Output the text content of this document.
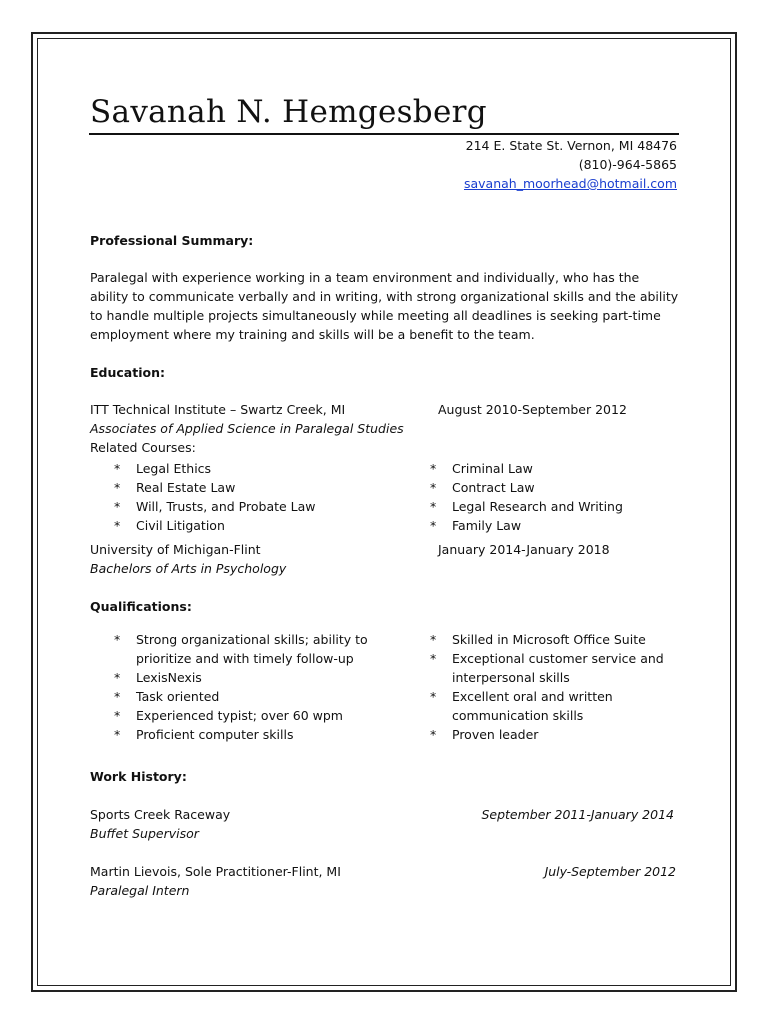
Savanah N. Hemgesberg
214 E. State St. Vernon, MI 48476
(810)-964-5865
savanah_moorhead@hotmail.com
Professional Summary:
Paralegal with experience working in a team environment and individually, who has the ability to communicate verbally and in writing, with strong organizational skills and the ability to handle multiple projects simultaneously while meeting all deadlines is seeking part-time employment where my training and skills will be a benefit to the team.
Education:
ITT Technical Institute – Swartz Creek, MI	August 2010-September 2012
Associates of Applied Science in Paralegal Studies
Related Courses:
* Legal Ethics
* Real Estate Law
* Will, Trusts, and Probate Law
* Civil Litigation
* Criminal Law
* Contract Law
* Legal Research and Writing
* Family Law
University of Michigan-Flint	January 2014-January 2018
Bachelors of Arts in Psychology
Qualifications:
* Strong organizational skills; ability to prioritize and with timely follow-up
* LexisNexis
* Task oriented
* Experienced typist; over 60 wpm
* Proficient computer skills
* Skilled in Microsoft Office Suite
* Exceptional customer service and interpersonal skills
* Excellent oral and written communication skills
* Proven leader
Work History:
Sports Creek Raceway	September 2011-January 2014
Buffet Supervisor
Martin Lievois, Sole Practitioner-Flint, MI	July-September 2012
Paralegal Intern
